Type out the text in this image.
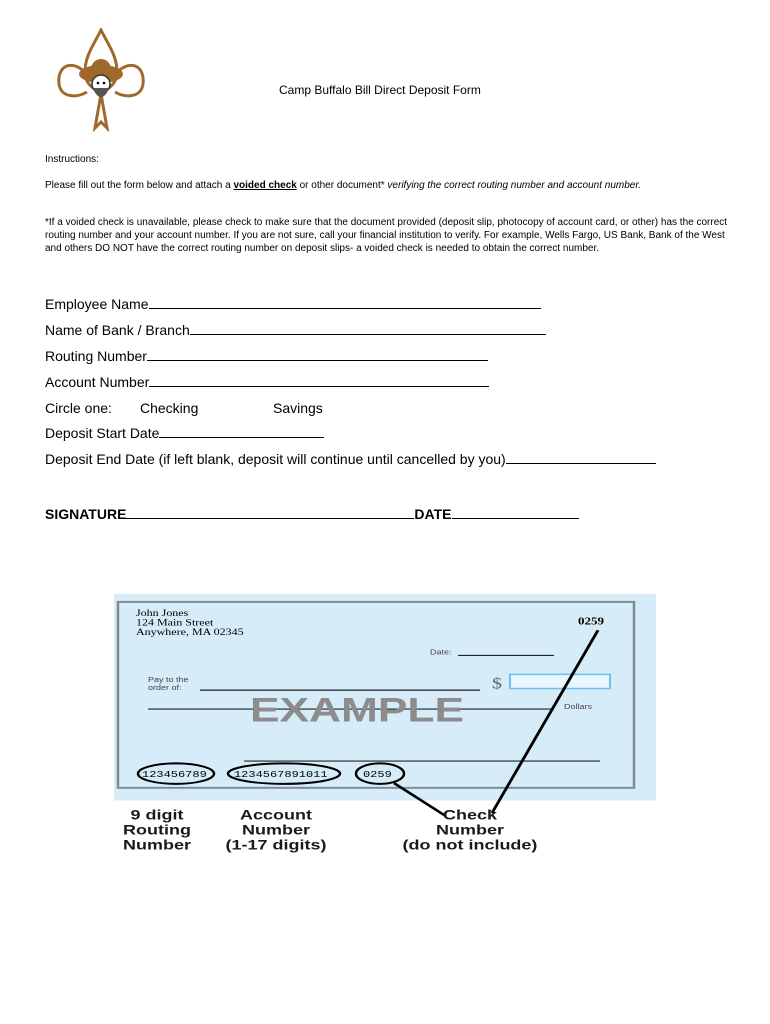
Camp Buffalo Bill Direct Deposit Form
Instructions:
Please fill out the form below and attach a voided check or other document* verifying the correct routing number and account number.
*If a voided check is unavailable, please check to make sure that the document provided (deposit slip, photocopy of account card, or other) has the correct routing number and your account number. If you are not sure, call your financial institution to verify. For example, Wells Fargo, US Bank, Bank of the West and others DO NOT have the correct routing number on deposit slips- a voided check is needed to obtain the correct number.
Employee Name
Name of Bank / Branch
Routing Number
Account Number
Circle one:	Checking	Savings
Deposit Start Date
Deposit End Date (if left blank, deposit will continue until cancelled by you)
SIGNATURE	DATE
John Jones
124 Main Street
Anywhere, MA 02345
0259
Date:
Pay to the
order of:	$
Dollars
EXAMPLE
123456789 1234567891011	0259
9 digit
Routing
Number
Account
Number
(1-17 digits)
Check
Number
(do not include)
